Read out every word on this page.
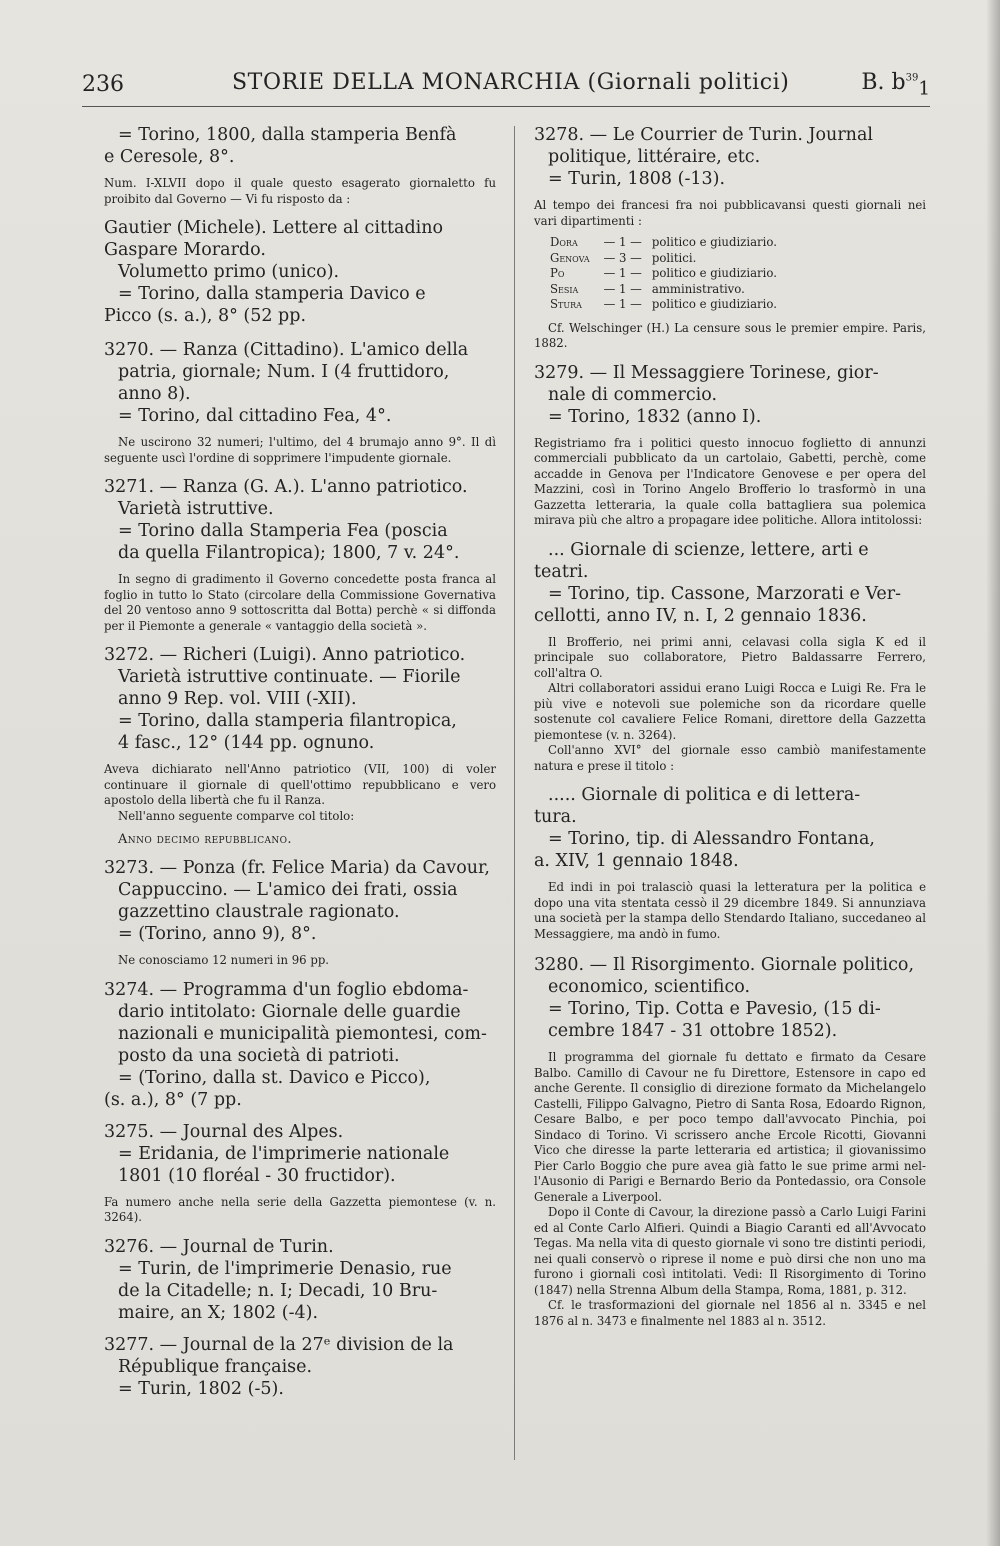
236	STORIE DELLA MONARCHIA (Giornali politici)	B. $b^{39}_1$

= Torino, 1800, dalla stamperia Benfà
e Ceresole, 8°.

Num. I-XLVII dopo il quale questo esagerato giornaletto fu proibito dal Governo — Vi fu risposto da :

Gautier (Michele). Lettere al cittadino
Gaspare Morardo.
Volumetto primo (unico).
= Torino, dalla stamperia Davico e
Picco (s. a.), 8° (52 pp.

3270. — Ranza (Cittadino). L'amico della
patria, giornale; Num. I (4 fruttidoro,
anno 8).
= Torino, dal cittadino Fea, 4°.

Ne uscirono 32 numeri; l'ultimo, del 4 brumajo anno 9°. Il dì seguente uscì l'ordine di sopprimere l'impudente giornale.

3271. — Ranza (G. A.). L'anno patriotico.
Varietà istruttive.
= Torino dalla Stamperia Fea (poscia
da quella Filantropica); 1800, 7 v. 24°.

In segno di gradimento il Governo concedette posta franca al foglio in tutto lo Stato (circolare della Commissione Governativa del 20 ventoso anno 9 sottoscritta dal Botta) perchè « si diffonda per il Piemonte a generale « vantaggio della società ».

3272. — Richeri (Luigi). Anno patriotico.
Varietà istruttive continuate. — Fiorile
anno 9 Rep. vol. VIII (-XII).
= Torino, dalla stamperia filantropica,
4 fasc., 12° (144 pp. ognuno.

Aveva dichiarato nell'Anno patriotico (VII, 100) di voler continuare il giornale di quell'ottimo repubblicano e vero apostolo della libertà che fu il Ranza.

Nell'anno seguente comparve col titolo:

Anno decimo repubblicano.

3273. — Ponza (fr. Felice Maria) da Cavour,
Cappuccino. — L'amico dei frati, ossia
gazzettino claustrale ragionato.
= (Torino, anno 9), 8°.

Ne conosciamo 12 numeri in 96 pp.

3274. — Programma d'un foglio ebdoma-
dario intitolato: Giornale delle guardie
nazionali e municipalità piemontesi, com-
posto da una società di patrioti.
= (Torino, dalla st. Davico e Picco),
(s. a.), 8° (7 pp.

3275. — Journal des Alpes.
= Eridania, de l'imprimerie nationale
1801 (10 floréal - 30 fructidor).

Fa numero anche nella serie della Gazzetta piemontese (v. n. 3264).

3276. — Journal de Turin.
= Turin, de l'imprimerie Denasio, rue
de la Citadelle; n. I; Decadi, 10 Bru-
maire, an X; 1802 (-4).

3277. — Journal de la 27ᵉ division de la
République française.
= Turin, 1802 (-5).

3278. — Le Courrier de Turin. Journal
politique, littéraire, etc.
= Turin, 1808 (-13).

Al tempo dei francesi fra noi pubblicavansi questi giornali nei vari dipartimenti :

Dora	— 1 —	politico e giudiziario.
Genova	— 3 —	politici.
Po	— 1 —	politico e giudiziario.
Sesia	— 1 —	amministrativo.
Stura	— 1 —	politico e giudiziario.

Cf. Welschinger (H.) La censure sous le premier empire. Paris, 1882.

3279. — Il Messaggiere Torinese, gior-
nale di commercio.
= Torino, 1832 (anno I).

Registriamo fra i politici questo innocuo foglietto di annunzi commerciali pubblicato da un cartolaio, Gabetti, perchè, come accadde in Genova per l'Indicatore Genovese e per opera del Mazzini, così in Torino Angelo Brofferio lo trasformò in una Gazzetta letteraria, la quale colla battagliera sua polemica mirava più che altro a propagare idee politiche. Allora intitolossi:

... Giornale di scienze, lettere, arti e
teatri.
= Torino, tip. Cassone, Marzorati e Ver-
cellotti, anno IV, n. I, 2 gennaio 1836.

Il Brofferio, nei primi anni, celavasi colla sigla K ed il principale suo collaboratore, Pietro Baldassarre Ferrero, coll'altra O.

Altri collaboratori assidui erano Luigi Rocca e Luigi Re. Fra le più vive e notevoli sue polemiche son da ricordare quelle sostenute col cavaliere Felice Romani, direttore della Gazzetta piemontese (v. n. 3264).

Coll'anno XVI° del giornale esso cambiò manifestamente natura e prese il titolo :

..... Giornale di politica e di lettera-
tura.
= Torino, tip. di Alessandro Fontana,
a. XIV, 1 gennaio 1848.

Ed indi in poi tralasciò quasi la letteratura per la politica e dopo una vita stentata cessò il 29 dicembre 1849. Si annunziava una società per la stampa dello Stendardo Italiano, succedaneo al Messaggiere, ma andò in fumo.

3280. — Il Risorgimento. Giornale politico,
economico, scientifico.
= Torino, Tip. Cotta e Pavesio, (15 di-
cembre 1847 - 31 ottobre 1852).

Il programma del giornale fu dettato e firmato da Cesare Balbo. Camillo di Cavour ne fu Direttore, Estensore in capo ed anche Gerente. Il consiglio di direzione formato da Michelangelo Castelli, Filippo Galvagno, Pietro di Santa Rosa, Edoardo Rignon, Cesare Balbo, e per poco tempo dall'avvocato Pinchia, poi Sindaco di Torino. Vi scrissero anche Ercole Ricotti, Giovanni Vico che diresse la parte letteraria ed artistica; il giovanissimo Pier Carlo Boggio che pure avea già fatto le sue prime armi nel-l'Ausonio di Parigi e Bernardo Berio da Pontedassio, ora Console Generale a Liverpool.

Dopo il Conte di Cavour, la direzione passò a Carlo Luigi Farini ed al Conte Carlo Alfieri. Quindi a Biagio Caranti ed all'Avvocato Tegas. Ma nella vita di questo giornale vi sono tre distinti periodi, nei quali conservò o riprese il nome e può dirsi che non uno ma furono i giornali così intitolati. Vedi: Il Risorgimento di Torino (1847) nella Strenna Album della Stampa, Roma, 1881, p. 312.

Cf. le trasformazioni del giornale nel 1856 al n. 3345 e nel 1876 al n. 3473 e finalmente nel 1883 al n. 3512.
